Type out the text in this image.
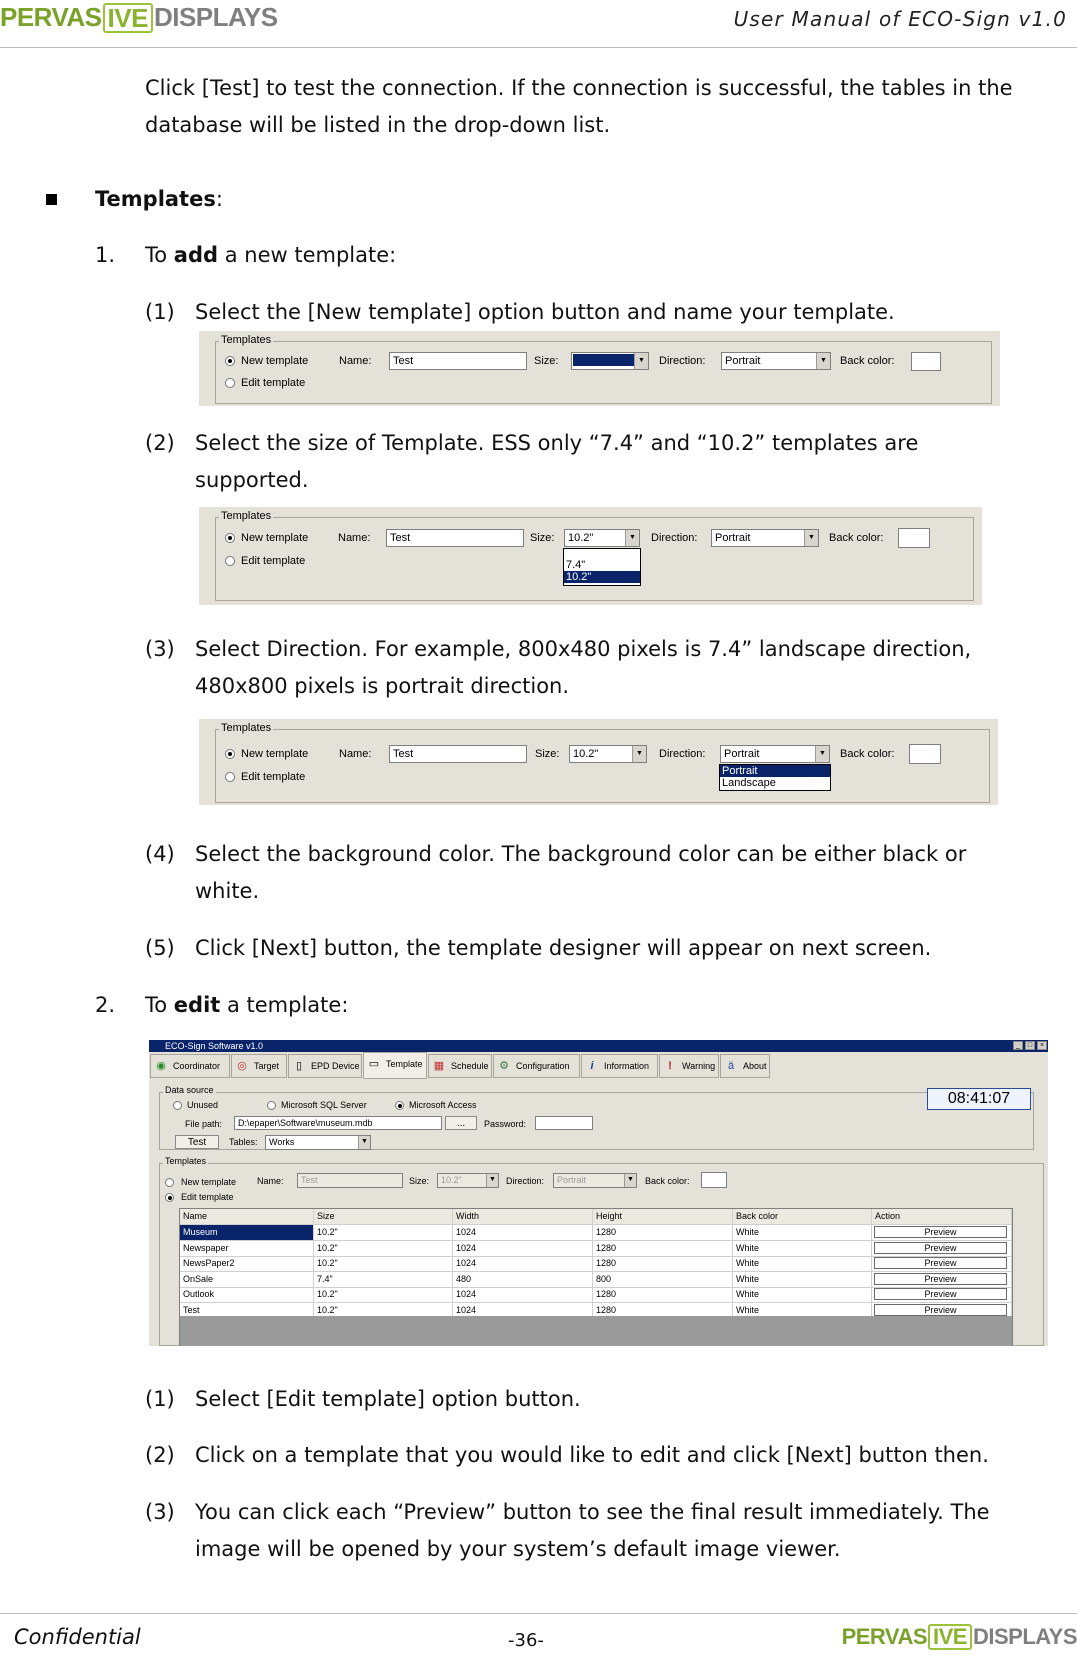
PERVAS IVE DISPLAYS	User Manual of ECO-Sign v1.0
Click [Test] to test the connection. If the connection is successful, the tables in the
database will be listed in the drop-down list.
Templates:
1. To add a new template:
(1) Select the [New template] option button and name your template.
Templates
New template
Edit template
Name:	Test	Size:	▼ Direction:	Portrait	▼ Back color:
(2) Select the size of Template. ESS only “7.4” and “10.2” templates are
supported.
Templates
New template
Edit template
Name:	Test	Size:	10.2"	▼
7.4"
10.2"
Direction:	Portrait	▼ Back color:
(3) Select Direction. For example, 800x480 pixels is 7.4” landscape direction,
480x800 pixels is portrait direction.
Templates
New template
Edit template
Name:	Test	Size:	10.2"	▼ Direction:	Portrait	▼
Portrait
Landscape
Back color:
(4) Select the background color. The background color can be either black or
white.
(5) Click [Next] button, the template designer will appear on next screen.
2. To edit a template:
ECO-Sign Software v1.0	_	□	×
◉ Coordinator	◎ Target	▯ EPD Device ▭ Template	▦ Schedule ⚙ Configuration	i	Information	!	Warning	ä About
Data source
Unused	Microsoft SQL Server	Microsoft Access
File path:	D:\epaper\Software\museum.mdb	...	Password:
Test	Tables:	Works	▼
08:41:07
Templates
New template
Edit template
Name:	Test	Size:	10.2"	▼ Direction:	Portrait	▼ Back color:
Name	Size	Width	Height	Back color	Action
Museum	10.2"	1024	1280	White	Preview
Newspaper	10.2"	1024	1280	White	Preview
NewsPaper2	10.2"	1024	1280	White	Preview
OnSale	7.4"	480	800	White	Preview
Outlook	10.2"	1024	1280	White	Preview
Test	10.2"	1024	1280	White	Preview
(1) Select [Edit template] option button.
(2) Click on a template that you would like to edit and click [Next] button then.
(3) You can click each “Preview” button to see the final result immediately. The
image will be opened by your system’s default image viewer.
Confidential	-36-	PERVAS IVE DISPLAYS
